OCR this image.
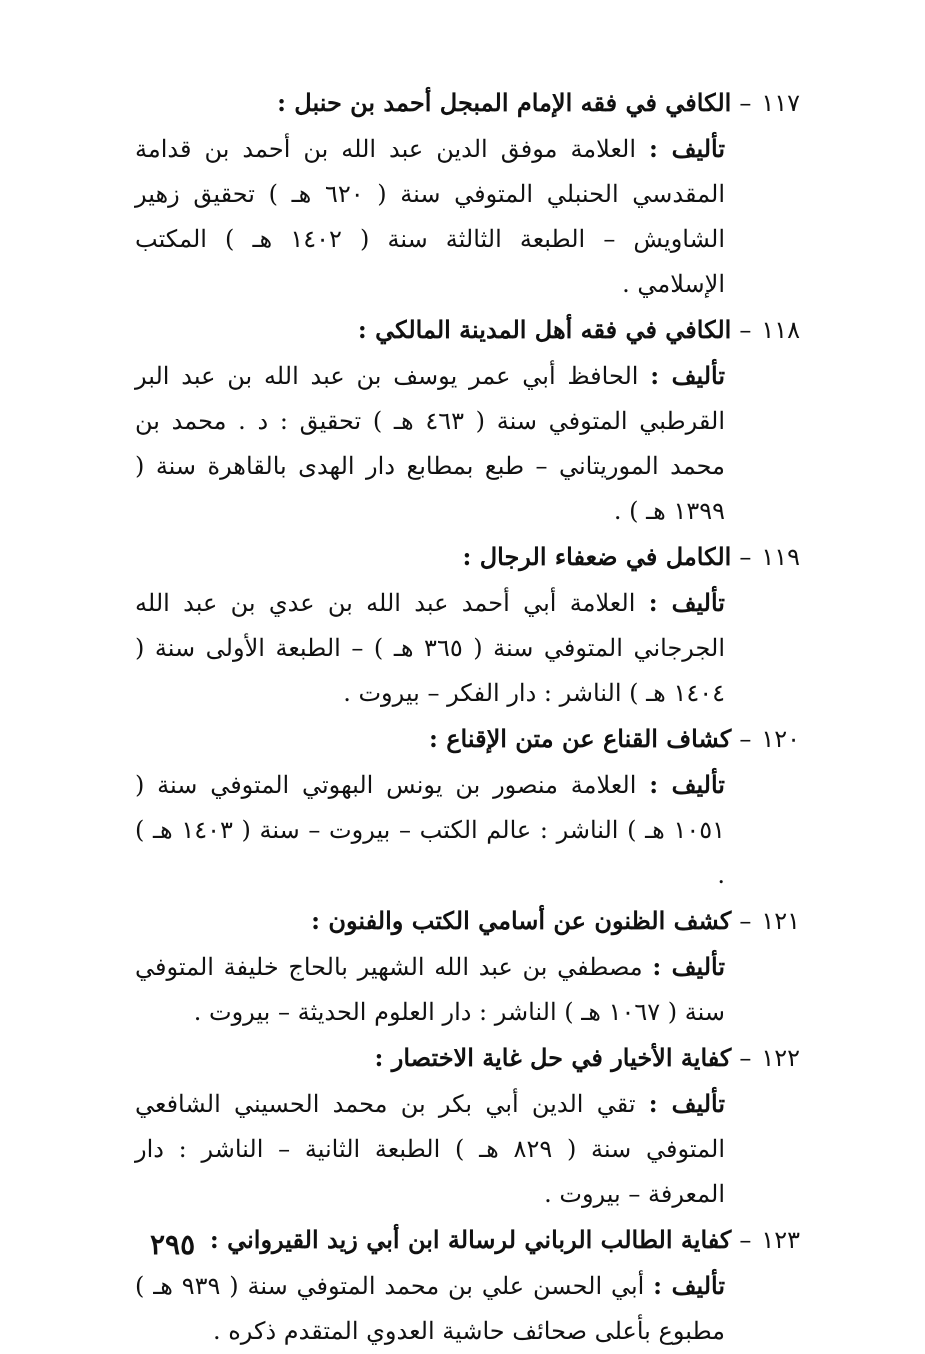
١١٧
–
الكافي في فقه الإمام المبجل أحمد بن حنبل :
تأليف : العلامة موفق الدين عبد الله بن أحمد بن قدامة المقدسي الحنبلي المتوفي سنة ( ٦٢٠ هـ ) تحقيق زهير الشاويش – الطبعة الثالثة سنة ( ١٤٠٢ هـ ) المكتب الإسلامي .
١١٨
–
الكافي في فقه أهل المدينة المالكي :
تأليف : الحافظ أبي عمر يوسف بن عبد الله بن عبد البر القرطبي المتوفي سنة ( ٤٦٣ هـ ) تحقيق : د . محمد بن محمد الموريتاني – طبع بمطابع دار الهدى بالقاهرة سنة ( ١٣٩٩ هـ ) .
١١٩
–
الكامل في ضعفاء الرجال :
تأليف : العلامة أبي أحمد عبد الله بن عدي بن عبد الله الجرجاني المتوفي سنة ( ٣٦٥ هـ ) – الطبعة الأولى سنة ( ١٤٠٤ هـ ) الناشر : دار الفكر – بيروت .
١٢٠
–
كشاف القناع عن متن الإقناع :
تأليف : العلامة منصور بن يونس البهوتي المتوفي سنة ( ١٠٥١ هـ ) الناشر : عالم الكتب – بيروت – سنة ( ١٤٠٣ هـ ) .
١٢١
–
كشف الظنون عن أسامي الكتب والفنون :
تأليف : مصطفي بن عبد الله الشهير بالحاج خليفة المتوفي سنة ( ١٠٦٧ هـ ) الناشر : دار العلوم الحديثة – بيروت .
١٢٢
–
كفاية الأخيار في حل غاية الاختصار :
تأليف : تقي الدين أبي بكر بن محمد الحسيني الشافعي المتوفي سنة ( ٨٢٩ هـ ) الطبعة الثانية – الناشر : دار المعرفة – بيروت .
١٢٣
–
كفاية الطالب الرباني لرسالة ابن أبي زيد القيرواني :
تأليف : أبي الحسن علي بن محمد المتوفي سنة ( ٩٣٩ هـ ) مطبوع بأعلى صحائف حاشية العدوي المتقدم ذكره .
٢٩٥
